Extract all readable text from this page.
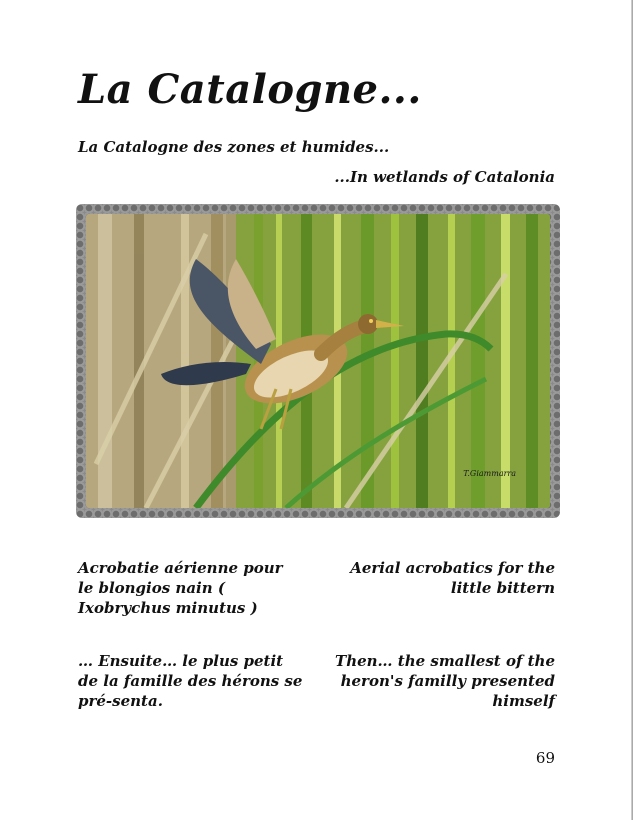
La Catalogne...
La Catalogne des zones et humides...
...In wetlands of Catalonia
T.Giammarra
Acrobatie aérienne pour le blongios nain ( Ixobrychus minutus )
Aerial acrobatics for the little bittern
… Ensuite… le plus petit de la famille des hérons se pré-senta.
Then… the smallest of the heron's familly presented himself
69
